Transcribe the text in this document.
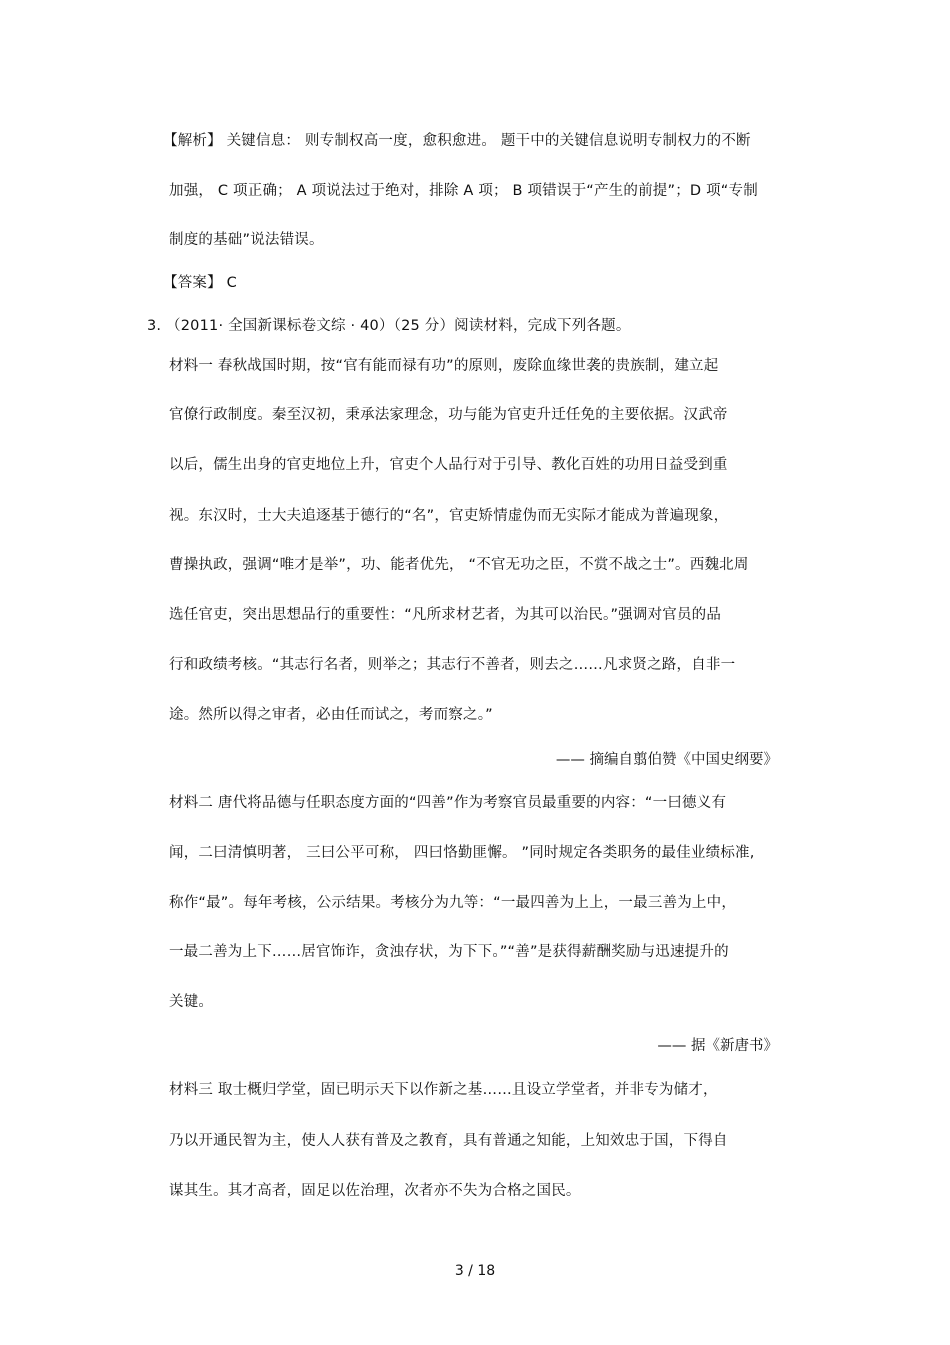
【解析】 关键信息： 则专制权高一度，愈积愈进。 题干中的关键信息说明专制权力的不断
加强， C 项正确； A 项说法过于绝对，排除 A 项； B 项错误于“产生的前提”；D 项“专制
制度的基础”说法错误。
【答案】 C
3. （2011· 全国新课标卷文综 · 40）（25 分）阅读材料，完成下列各题。
材料一 春秋战国时期，按“官有能而禄有功”的原则，废除血缘世袭的贵族制，建立起
官僚行政制度。秦至汉初，秉承法家理念，功与能为官吏升迁任免的主要依据。汉武帝
以后，儒生出身的官吏地位上升，官吏个人品行对于引导、教化百姓的功用日益受到重
视。东汉时，士大夫追逐基于德行的“名”，官吏矫情虚伪而无实际才能成为普遍现象，
曹操执政，强调“唯才是举”，功、能者优先， “不官无功之臣，不赏不战之士”。西魏北周
选任官吏，突出思想品行的重要性：“凡所求材艺者，为其可以治民。”强调对官员的品
行和政绩考核。“其志行名者，则举之；其志行不善者，则去之……凡求贤之路，自非一
途。然所以得之审者，必由任而试之，考而察之。”
—— 摘编自翦伯赞《中国史纲要》
材料二 唐代将品德与任职态度方面的“四善”作为考察官员最重要的内容：“一曰德义有
闻，二曰清慎明著， 三曰公平可称， 四曰恪勤匪懈。 ”同时规定各类职务的最佳业绩标准,
称作“最”。每年考核，公示结果。考核分为九等：“一最四善为上上，一最三善为上中，
一最二善为上下……居官饰诈，贪浊存状，为下下。”“善”是获得薪酬奖励与迅速提升的
关键。
—— 据《新唐书》
材料三 取士概归学堂，固已明示天下以作新之基……且设立学堂者，并非专为储才，
乃以开通民智为主，使人人获有普及之教育，具有普通之知能，上知效忠于国，下得自
谋其生。其才高者，固足以佐治理，次者亦不失为合格之国民。
3 / 18
